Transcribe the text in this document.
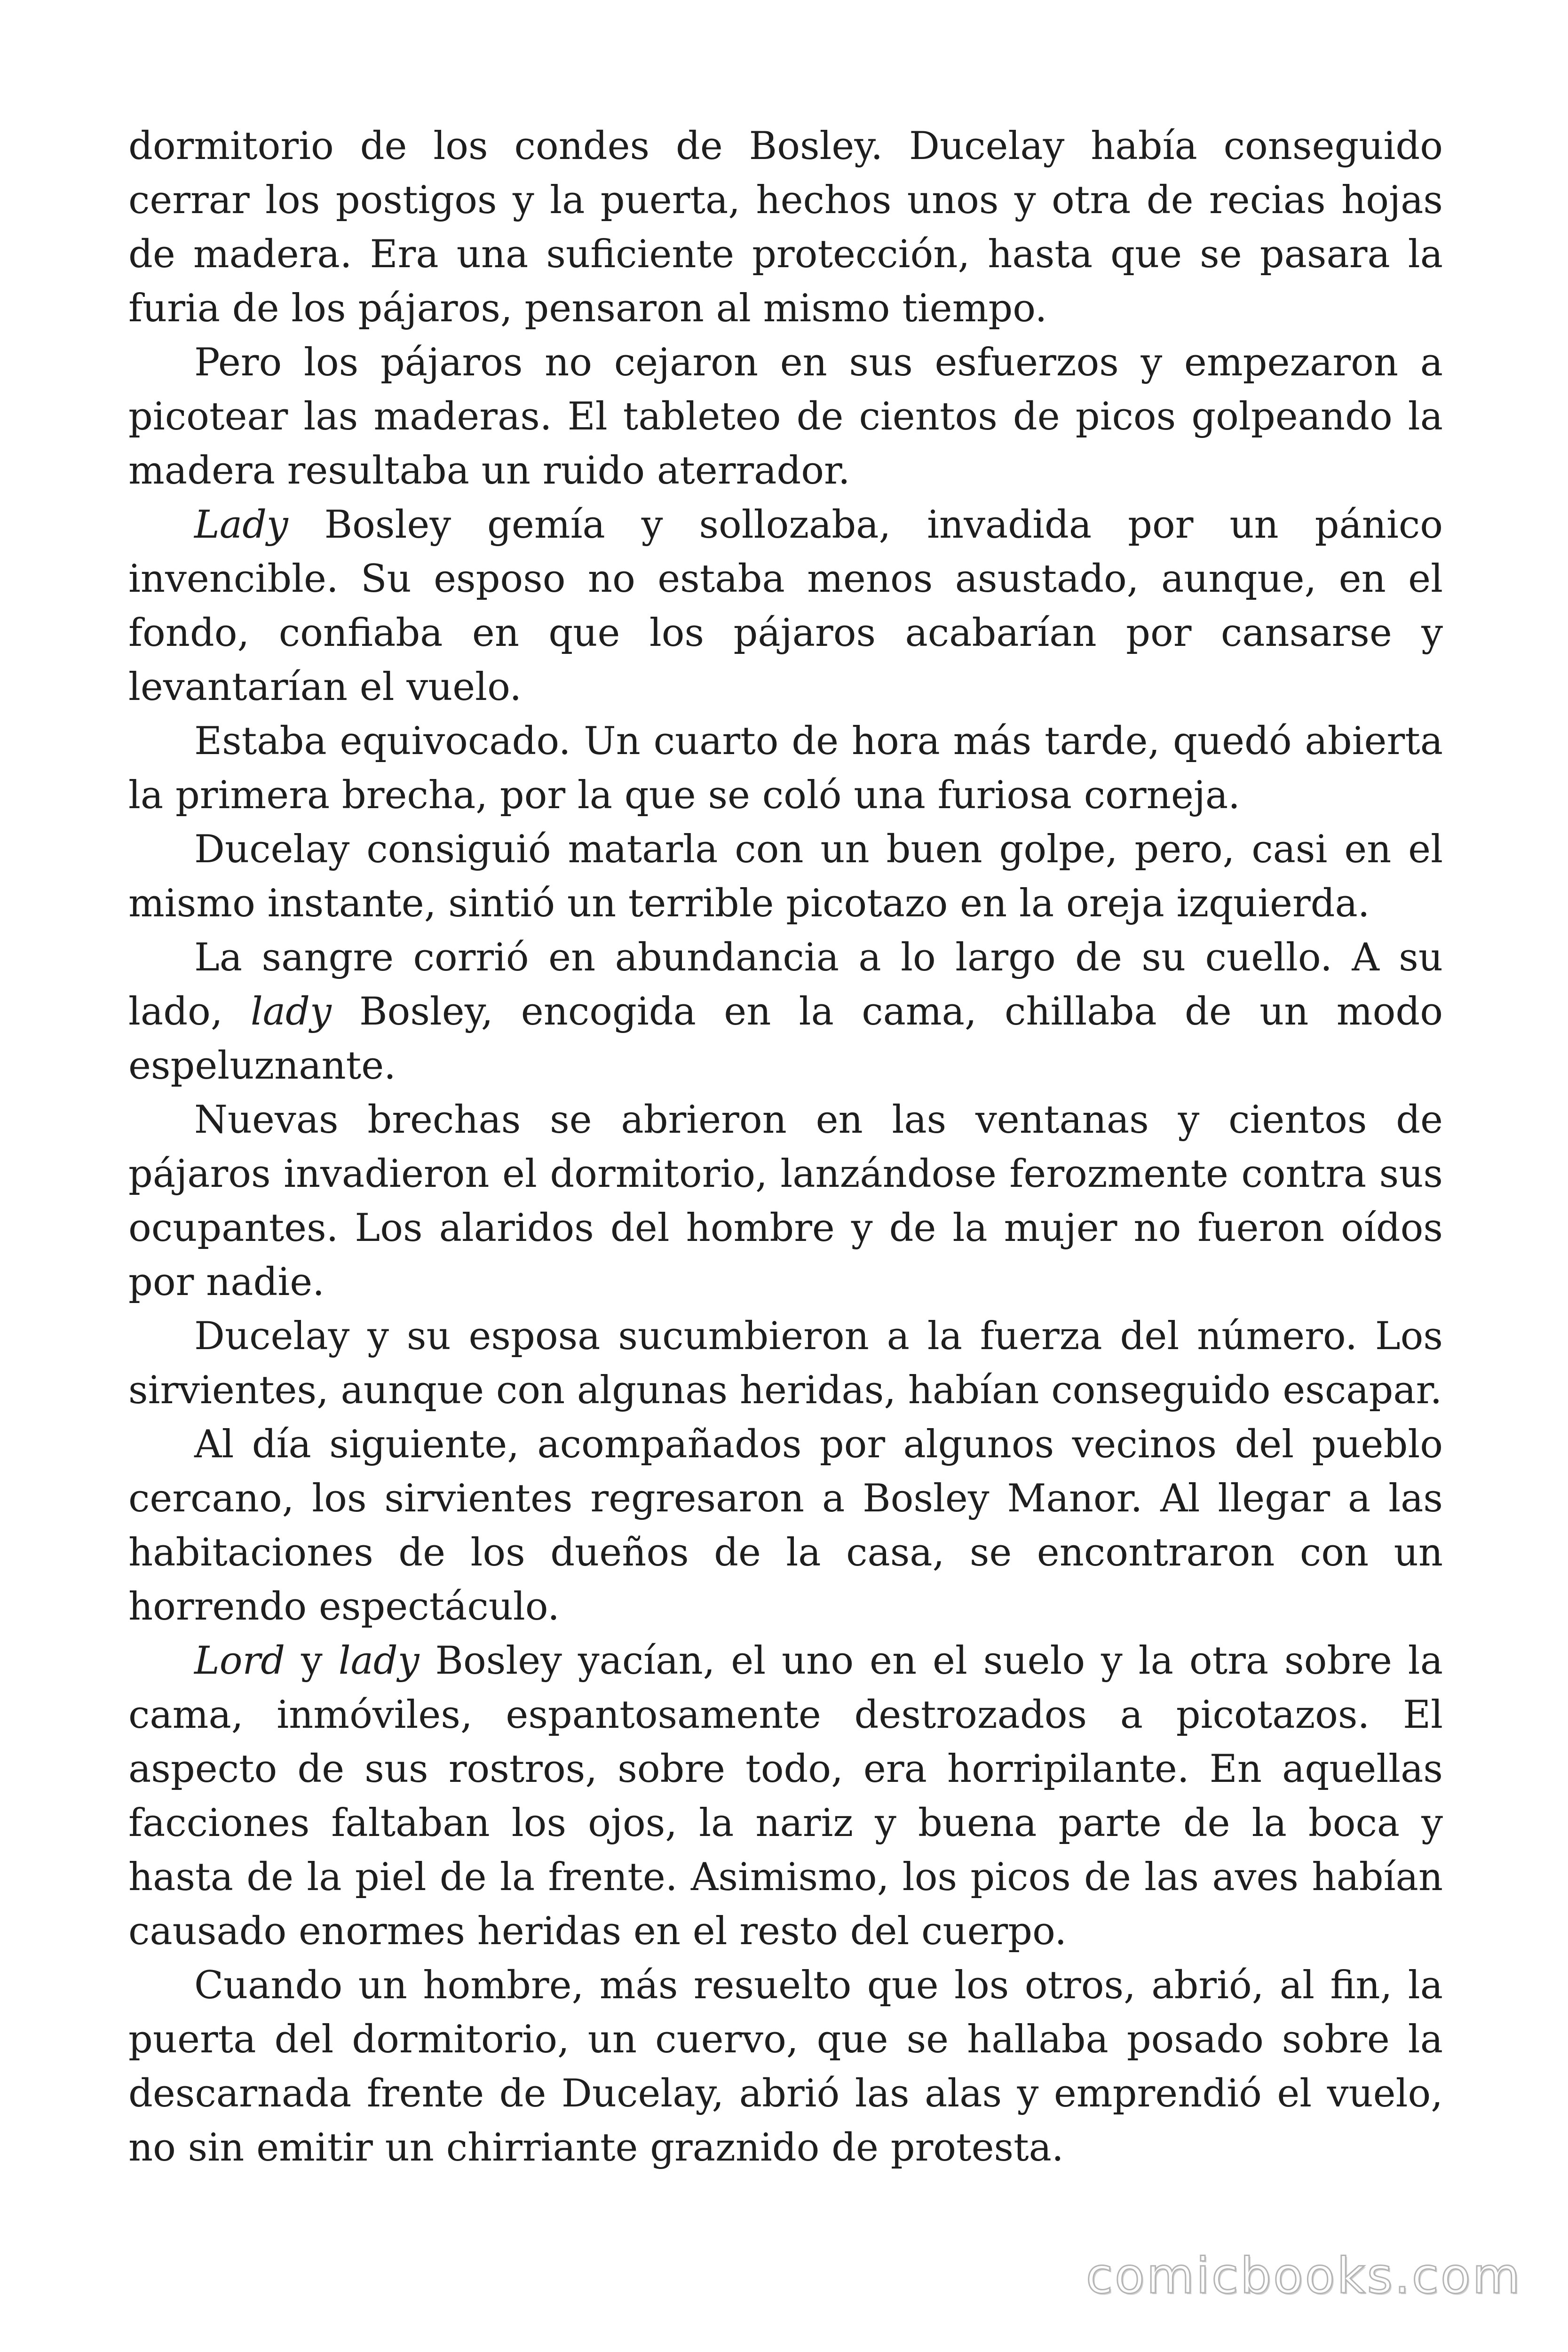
dormitorio de los condes de Bosley. Ducelay había conseguido cerrar los postigos y la puerta, hechos unos y otra de recias hojas de madera. Era una suficiente protección, hasta que se pasara la furia de los pájaros, pensaron al mismo tiempo.

Pero los pájaros no cejaron en sus esfuerzos y empezaron a picotear las maderas. El tableteo de cientos de picos golpeando la madera resultaba un ruido aterrador.

Lady Bosley gemía y sollozaba, invadida por un pánico invencible. Su esposo no estaba menos asustado, aunque, en el fondo, confiaba en que los pájaros acabarían por cansarse y levantarían el vuelo.

Estaba equivocado. Un cuarto de hora más tarde, quedó abierta la primera brecha, por la que se coló una furiosa corneja.

Ducelay consiguió matarla con un buen golpe, pero, casi en el mismo instante, sintió un terrible picotazo en la oreja izquierda.

La sangre corrió en abundancia a lo largo de su cuello. A su lado, lady Bosley, encogida en la cama, chillaba de un modo espeluznante.

Nuevas brechas se abrieron en las ventanas y cientos de pájaros invadieron el dormitorio, lanzándose ferozmente contra sus ocupantes. Los alaridos del hombre y de la mujer no fueron oídos por nadie.

Ducelay y su esposa sucumbieron a la fuerza del número. Los sirvientes, aunque con algunas heridas, habían conseguido escapar.

Al día siguiente, acompañados por algunos vecinos del pueblo cercano, los sirvientes regresaron a Bosley Manor. Al llegar a las habitaciones de los dueños de la casa, se encontraron con un horrendo espectáculo.

Lord y lady Bosley yacían, el uno en el suelo y la otra sobre la cama, inmóviles, espantosamente destrozados a picotazos. El aspecto de sus rostros, sobre todo, era horripilante. En aquellas facciones faltaban los ojos, la nariz y buena parte de la boca y hasta de la piel de la frente. Asimismo, los picos de las aves habían causado enormes heridas en el resto del cuerpo.

Cuando un hombre, más resuelto que los otros, abrió, al fin, la puerta del dormitorio, un cuervo, que se hallaba posado sobre la descarnada frente de Ducelay, abrió las alas y emprendió el vuelo, no sin emitir un chirriante graznido de protesta.

comicbooks.com
